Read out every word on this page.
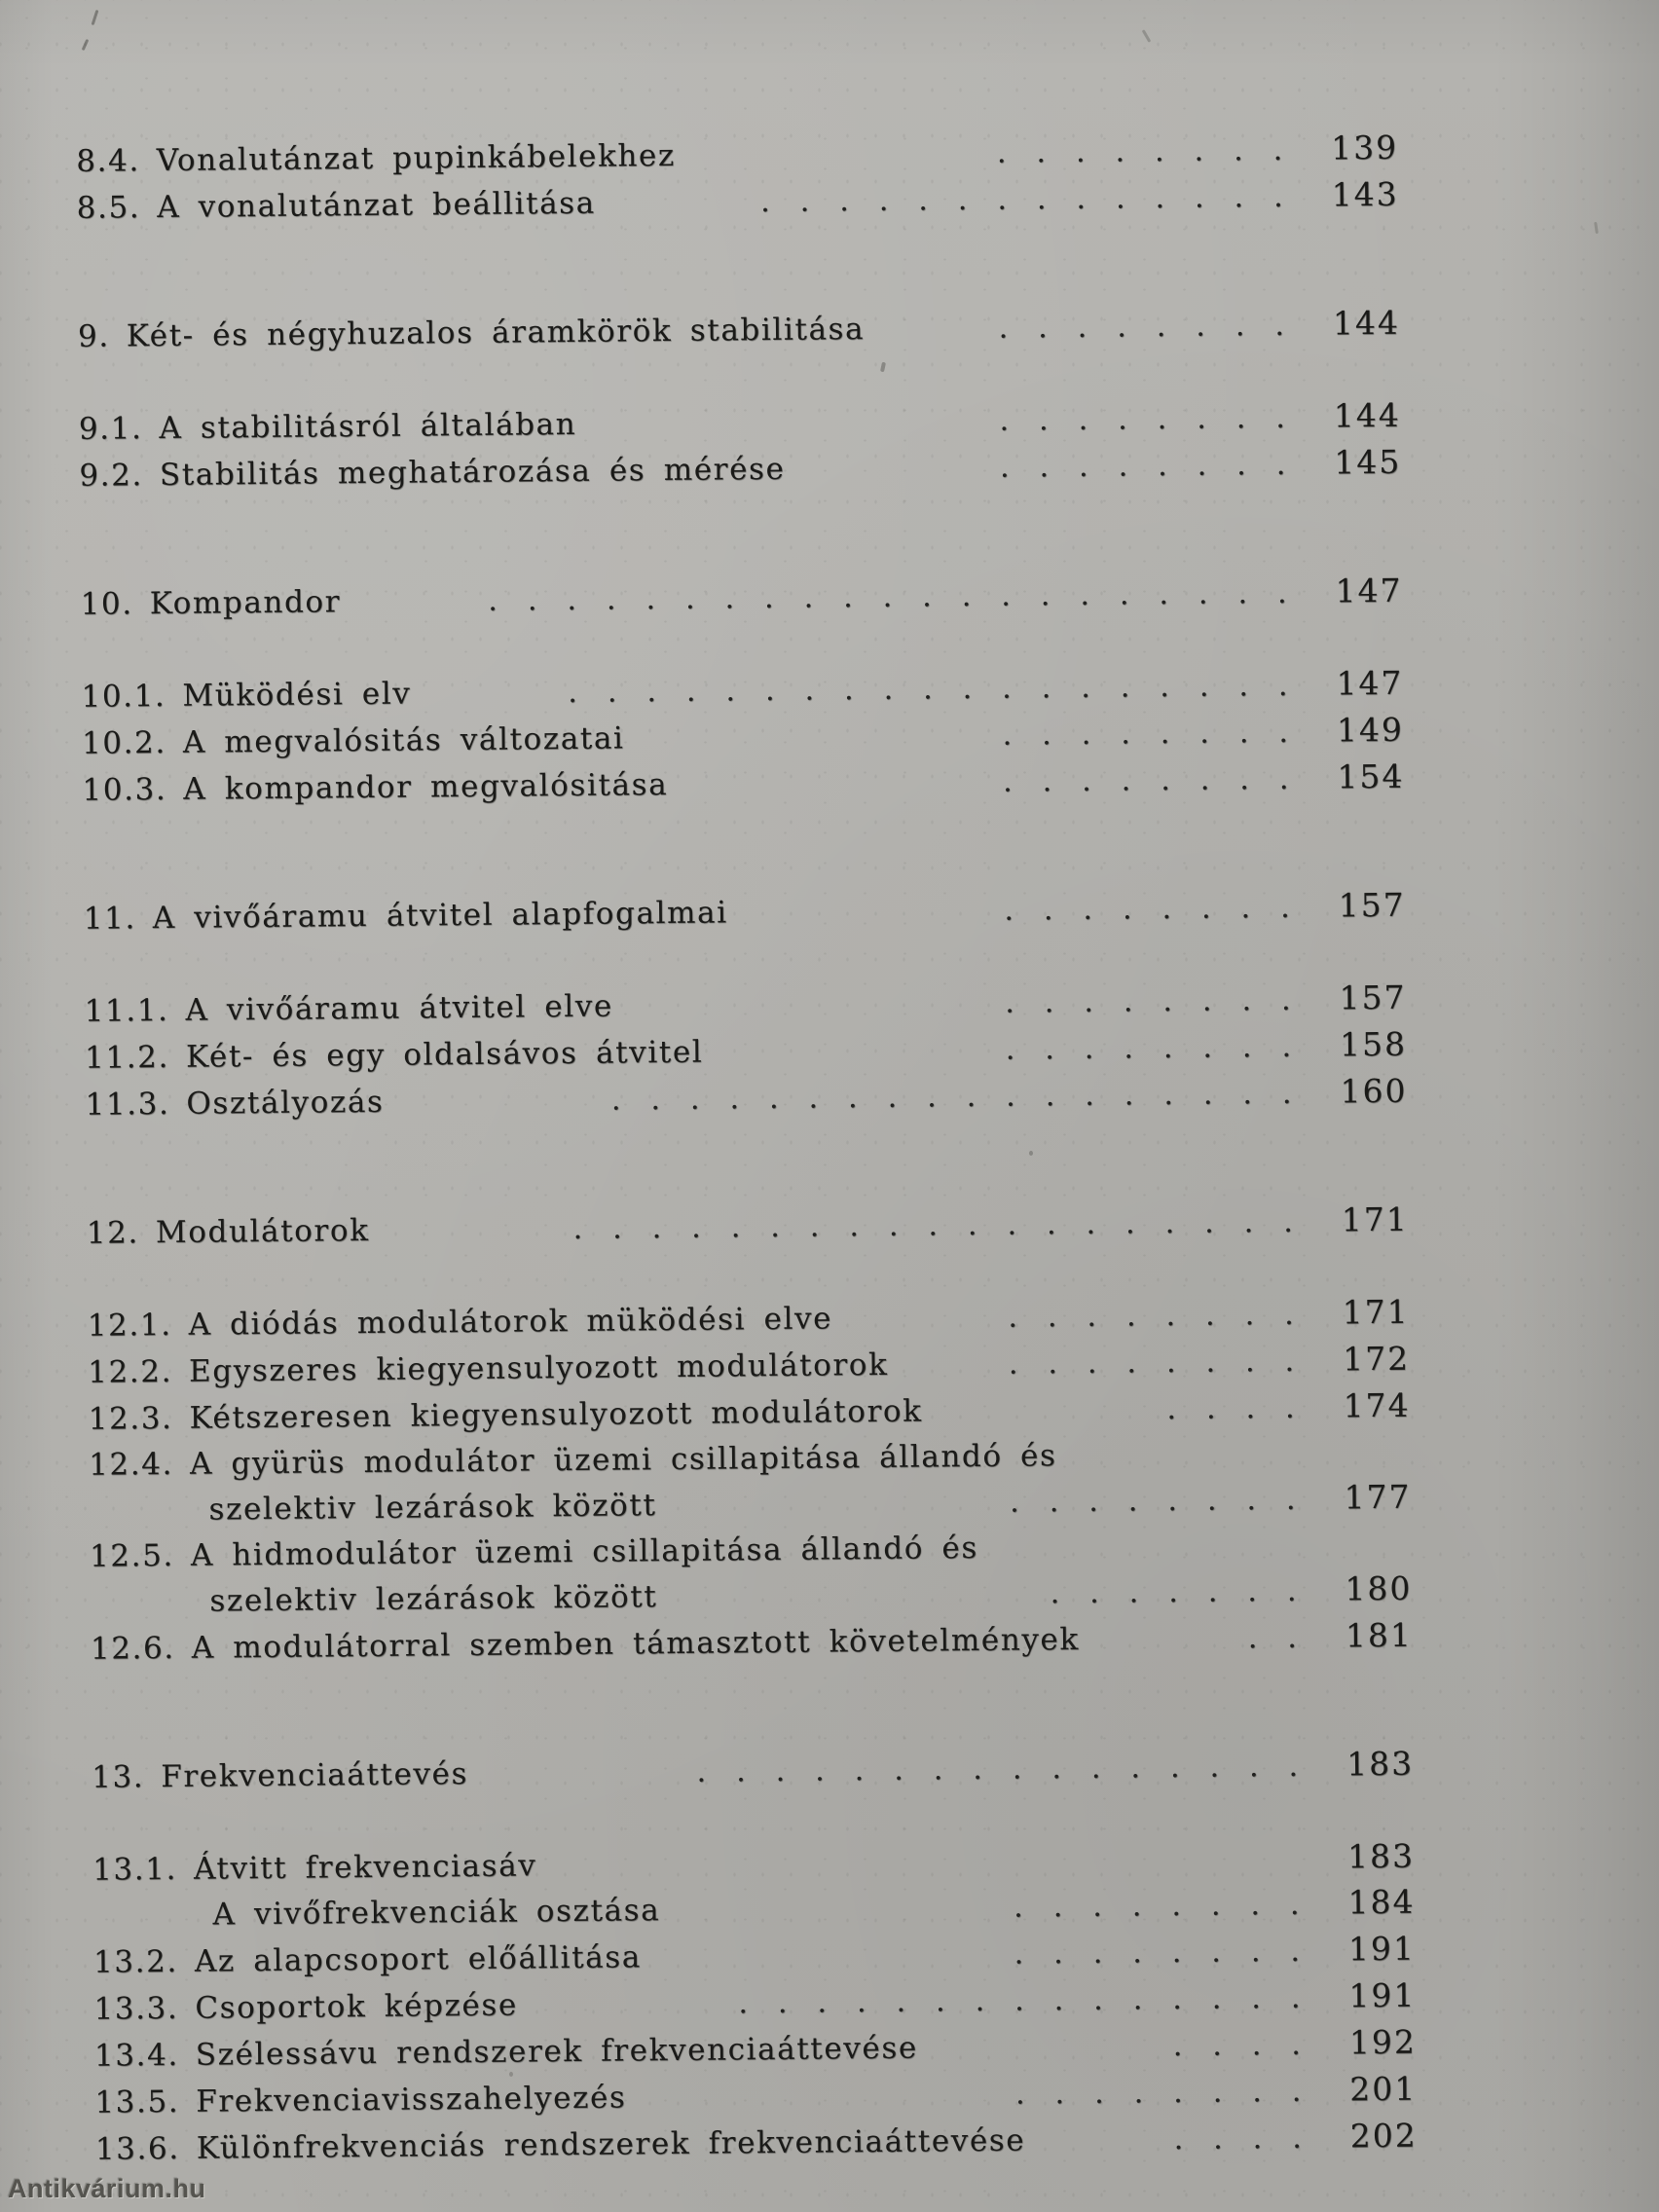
8.4. Vonalutánzat pupinkábelekhez	........ 139
8.5. A vonalutánzat beállitása	.............. 143
9. Két- és négyhuzalos áramkörök stabilitása	........ 144
9.1. A stabilitásról általában	........ 144
9.2. Stabilitás meghatározása és mérése	........ 145
10. Kompandor	..................... 147
10.1. Müködési elv	................... 147
10.2. A megvalósitás változatai	........ 149
10.3. A kompandor megvalósitása	........ 154
11. A vivőáramu átvitel alapfogalmai	........ 157
11.1. A vivőáramu átvitel elve	........ 157
11.2. Két- és egy oldalsávos átvitel	........ 158
11.3. Osztályozás	.................. 160
12. Modulátorok	................... 171
12.1. A diódás modulátorok müködési elve	........ 171
12.2. Egyszeres kiegyensulyozott modulátorok	........ 172
12.3. Kétszeresen kiegyensulyozott modulátorok	.... 174
12.4. A gyürüs modulátor üzemi csillapitása állandó és
szelektiv lezárások között	........ 177
12.5. A hidmodulátor üzemi csillapitása állandó és
szelektiv lezárások között	....... 180
12.6. A modulátorral szemben támasztott követelmények	.. 181
13. Frekvenciaáttevés	................ 183
13.1. Átvitt frekvenciasáv	183
A vivőfrekvenciák osztása	........ 184
13.2. Az alapcsoport előállitása	........ 191
13.3. Csoportok képzése	............... 191
13.4. Szélessávu rendszerek frekvenciaáttevése	.... 192
13.5. Frekvenciavisszahelyezés	........ 201
13.6. Különfrekvenciás rendszerek frekvenciaáttevése	.... 202
Antikvárium.hu
